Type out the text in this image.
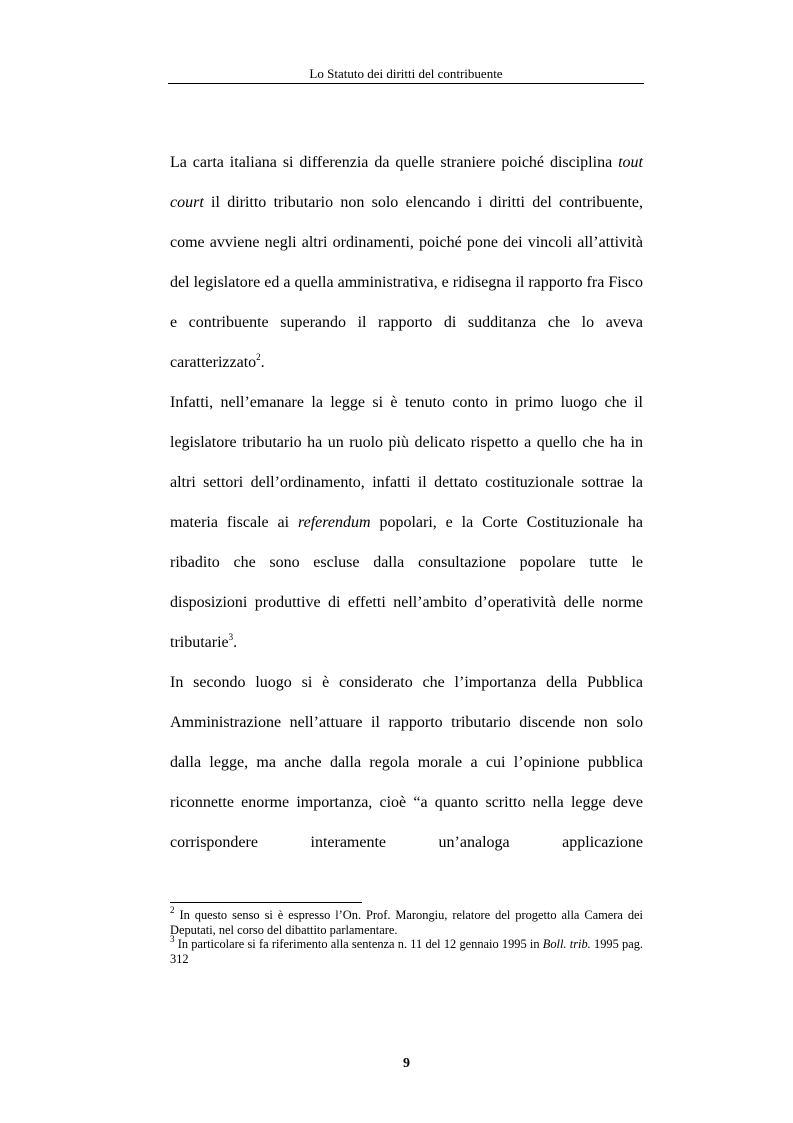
Lo Statuto dei diritti del contribuente

La carta italiana si differenzia da quelle straniere poiché disciplina tout court il diritto tributario non solo elencando i diritti del contribuente, come avviene negli altri ordinamenti, poiché pone dei vincoli all’attività del legislatore ed a quella amministrativa, e ridisegna il rapporto fra Fisco e contribuente superando il rapporto di sudditanza che lo aveva caratterizzato$^2$.

Infatti, nell’emanare la legge si è tenuto conto in primo luogo che il legislatore tributario ha un ruolo più delicato rispetto a quello che ha in altri settori dell’ordinamento, infatti il dettato costituzionale sottrae la materia fiscale ai referendum popolari, e la Corte Costituzionale ha ribadito che sono escluse dalla consultazione popolare tutte le disposizioni produttive di effetti nell’ambito d’operatività delle norme tributarie$^3$.

In secondo luogo si è considerato che l’importanza della Pubblica Amministrazione nell’attuare il rapporto tributario discende non solo dalla legge, ma anche dalla regola morale a cui l’opinione pubblica riconnette enorme importanza, cioè “a quanto scritto nella legge deve corrispondere interamente un’analoga applicazione

$^2$ In questo senso si è espresso l’On. Prof. Marongiu, relatore del progetto alla Camera dei Deputati, nel corso del dibattito parlamentare.

$^3$ In particolare si fa riferimento alla sentenza n. 11 del 12 gennaio 1995 in Boll. trib. 1995 pag. 312

9
